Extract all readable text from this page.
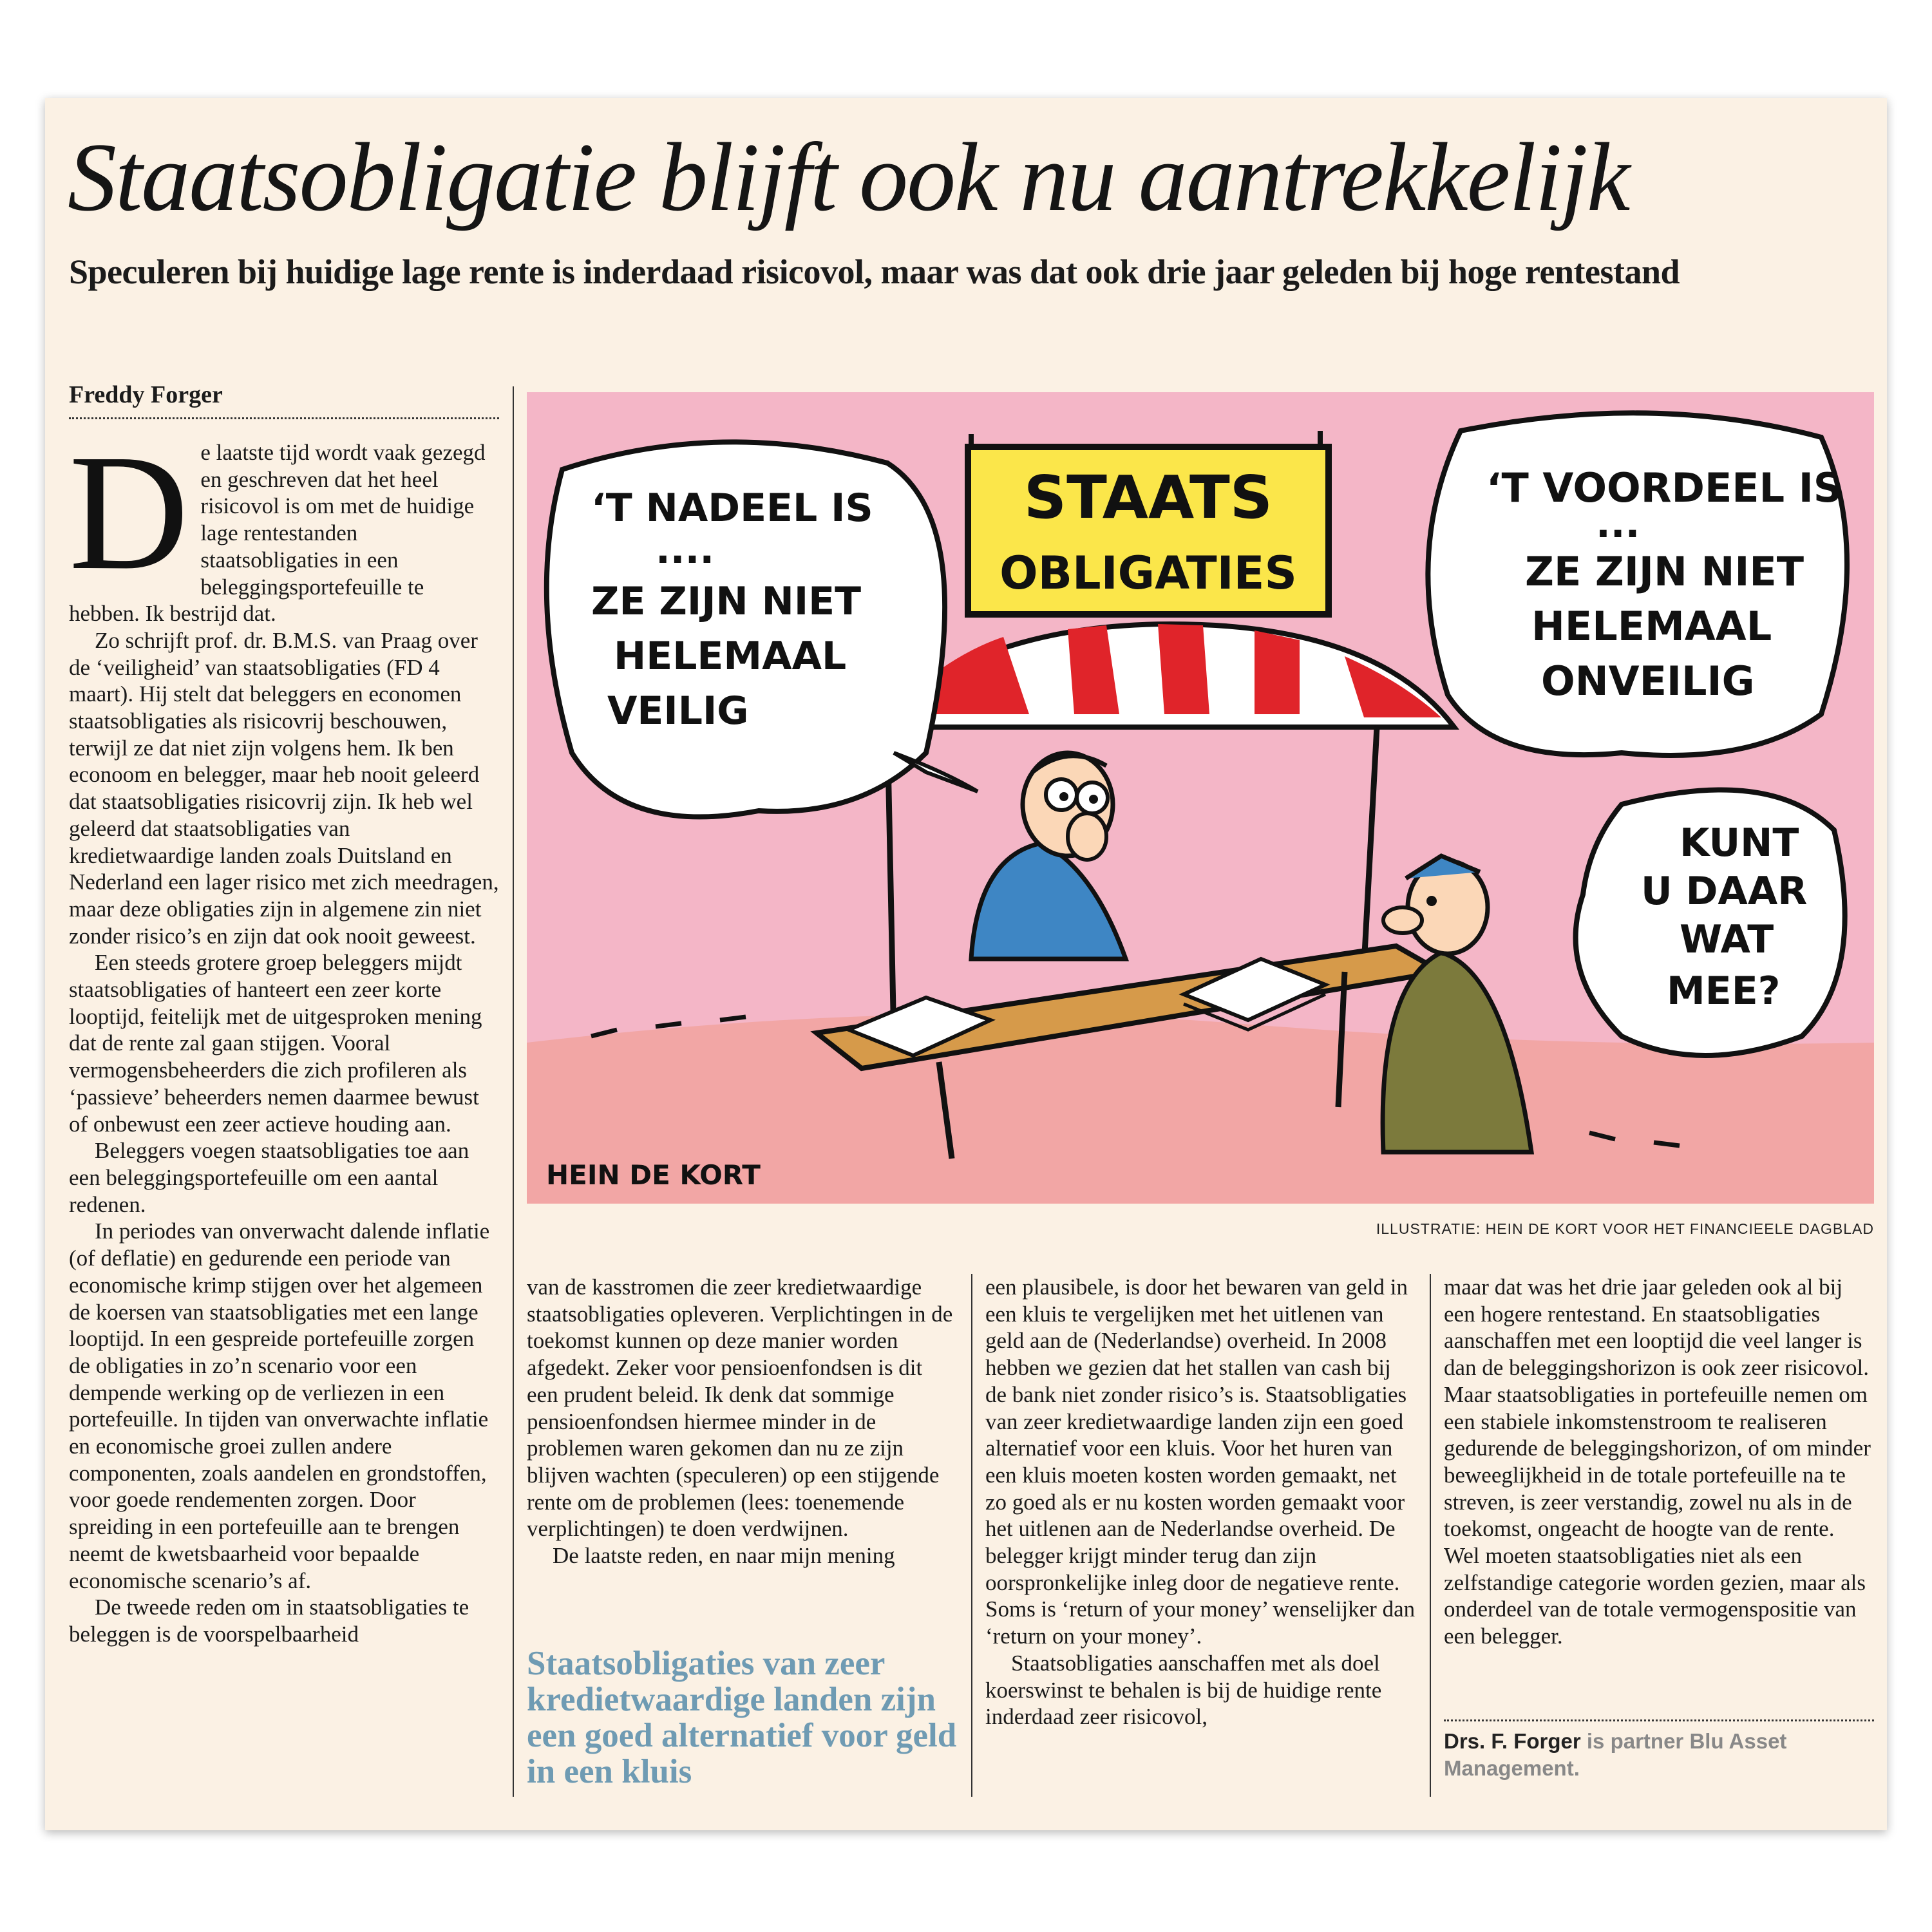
Staatsobligatie blijft ook nu aantrekkelijk
Speculeren bij huidige lage rente is inderdaad risicovol, maar was dat ook drie jaar geleden bij hoge rentestand
Freddy Forger
D e laatste tijd wordt vaak gezegd en geschreven dat het heel risicovol is om met de huidige lage rentestanden staatsobligaties in een beleggingsportefeuille te hebben. Ik bestrijd dat.

Zo schrijft prof. dr. B.M.S. van Praag over de ‘veiligheid’ van staatsobligaties (FD 4 maart). Hij stelt dat beleggers en economen staatsobligaties als risicovrij beschouwen, terwijl ze dat niet zijn volgens hem. Ik ben econoom en belegger, maar heb nooit geleerd dat staatsobligaties risicovrij zijn. Ik heb wel geleerd dat staatsobligaties van kredietwaardige landen zoals Duitsland en Nederland een lager risico met zich meedragen, maar deze obligaties zijn in algemene zin niet zonder risico’s en zijn dat ook nooit geweest.

Een steeds grotere groep beleggers mijdt staatsobligaties of hanteert een zeer korte looptijd, feitelijk met de uitgesproken mening dat de rente zal gaan stijgen. Vooral vermogensbeheerders die zich profileren als ‘passieve’ beheerders nemen daarmee bewust of onbewust een zeer actieve houding aan.

Beleggers voegen staatsobligaties toe aan een beleggingsportefeuille om een aantal redenen.

In periodes van onverwacht dalende inflatie (of deflatie) en gedurende een periode van economische krimp stijgen over het algemeen de koersen van staatsobligaties met een lange looptijd. In een gespreide portefeuille zorgen de obligaties in zo’n scenario voor een dempende werking op de verliezen in een portefeuille. In tijden van onverwachte inflatie en economische groei zullen andere componenten, zoals aandelen en grondstoffen, voor goede rendementen zorgen. Door spreiding in een portefeuille aan te brengen neemt de kwetsbaarheid voor bepaalde economische scenario’s af.

De tweede reden om in staatsobligaties te beleggen is de voorspelbaarheid

STAATS
OBLIGATIES
‘T NADEEL IS
....
ZE ZIJN NIET
HELEMAAL
VEILIG
‘T VOORDEEL IS
...
ZE ZIJN NIET
HELEMAAL
ONVEILIG
KUNT
U DAAR
WAT
MEE?
HEIN DE KORT
ILLUSTRATIE: HEIN DE KORT VOOR HET FINANCIEELE DAGBLAD

van de kasstromen die zeer kredietwaardige staatsobligaties opleveren. Verplichtingen in de toekomst kunnen op deze manier worden afgedekt. Zeker voor pensioenfondsen is dit een prudent beleid. Ik denk dat sommige pensioenfondsen hiermee minder in de problemen waren gekomen dan nu ze zijn blijven wachten (speculeren) op een stijgende rente om de problemen (lees: toenemende verplichtingen) te doen verdwijnen.

De laatste reden, en naar mijn mening

Staatsobligaties van zeer kredietwaardige landen zijn een goed alternatief voor geld in een kluis

een plausibele, is door het bewaren van geld in een kluis te vergelijken met het uitlenen van geld aan de (Nederlandse) overheid. In 2008 hebben we gezien dat het stallen van cash bij de bank niet zonder risico’s is. Staatsobligaties van zeer kredietwaardige landen zijn een goed alternatief voor een kluis. Voor het huren van een kluis moeten kosten worden gemaakt, net zo goed als er nu kosten worden gemaakt voor het uitlenen aan de Nederlandse overheid. De belegger krijgt minder terug dan zijn oorspronkelijke inleg door de negatieve rente. Soms is ‘return of your money’ wenselijker dan ‘return on your money’.

Staatsobligaties aanschaffen met als doel koerswinst te behalen is bij de huidige rente inderdaad zeer risicovol,

maar dat was het drie jaar geleden ook al bij een hogere rentestand. En staatsobligaties aanschaffen met een looptijd die veel langer is dan de beleggingshorizon is ook zeer risicovol. Maar staatsobligaties in portefeuille nemen om een stabiele inkomstenstroom te realiseren gedurende de beleggingshorizon, of om minder beweeglijkheid in de totale portefeuille na te streven, is zeer verstandig, zowel nu als in de toekomst, ongeacht de hoogte van de rente. Wel moeten staatsobligaties niet als een zelfstandige categorie worden gezien, maar als onderdeel van de totale vermogenspositie van een belegger.

Drs. F. Forger is partner Blu Asset Management.
